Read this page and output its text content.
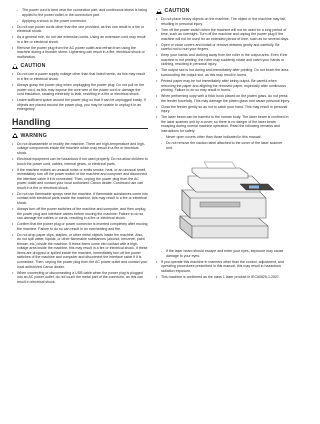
- The power cord is bent near the connection part, and continuous stress is being applied to the power outlet or the connection part.
- Applying a shock to the power connector.
• Do not use power cords other than the one provided, as this can result in a fire or electrical shock.
• As a general rule, do not use extension cords. Using an extension cord may result in a fire or electrical shock.
• Remove the power plug from the AC power outlet and refrain from using the machine during a thunder storm. Lightening can result in a fire, electrical shock or malfunction.
CAUTION
• Do not use a power supply voltage other than that listed herein, as this may result in a fire or electrical shock.
• Always grasp the power plug when unplugging the power plug. Do not pull on the power cord, as this may expose the core wire of the power cord or damage the cord insulation, causing electricity to leak, resulting in a fire or electrical shock.
• Leave sufficient space around the power plug so that it can be unplugged easily. If objects are placed around the power plug, you may be unable to unplug it in an emergency.
Handling
WARNING
• Do not disassemble or modify the machine. There are high-temperature and high-voltage components inside the machine which may result in a fire or electrical shock.
• Electrical equipment can be hazardous if not used properly. Do not allow children to touch the power cord, cables, internal gears, or electrical parts.
• If the machine makes an unusual noise or emits smoke, heat, or an unusual smell, immediately turn off the power switch of the machine and computer and disconnect the interface cable if it is connected. Then, unplug the power plug from the AC power outlet and contact your local authorized Canon dealer. Continued use can result in a fire or electrical shock.
• Do not use flammable sprays near the machine. If flammable substances come into contact with electrical parts inside the machine, this may result in a fire or electrical shock.
• Always turn off the power switches of the machine and computer, and then unplug the power plug and interface cables before moving the machine. Failure to do so can damage the cables or cords, resulting in a fire or electrical shock.
• Confirm that the power plug or power connector is inserted completely after moving the machine. Failure to do so can result in an overheating and fire.
• Do not drop paper clips, staples, or other metal objects inside the machine. Also, do not spill water, liquids, or other flammable substances (alcohol, benzene, paint thinner, etc.) inside the machine. If these items come into contact with a high-voltage area inside the machine, this may result in a fire or electrical shock. If these items are dropped or spilled inside the machine, immediately turn off the power switches of the machine and computer and disconnect the interface cable if it is connected. Then, unplug the power plug from the AC power outlet and contact your local authorized Canon dealer.
• When connecting or disconnecting a USB cable when the power plug is plugged into an AC power outlet, do not touch the metal part of the connector, as this can result in electrical shock.
CAUTION
• Do not place heavy objects on the machine. The object or the machine may fall, resulting in personal injury.
• Turn off the power switch when the machine will not be used for a long period of time, such as overnight. Turn off the machine and unplug the power plug if the machine will not be used for an extended period of time, such as for several days.
• Open or close covers and install or remove drawers gently and carefully. Be careful not to hurt your fingers.
• Keep your hands and clothing away from the roller in the output area. Even if the machine is not printing, the roller may suddenly rotate and catch your hands or clothing, resulting in personal injury.
• The output slot is hot during and immediately after printing. Do not touch the area surrounding the output slot, as this may result in burns.
• Printed paper may be hot immediately after being output. Be careful when removing the paper and aligning the removed paper, especially after continuous printing. Failure to do so may result in burns.
• When performing copy with a thick book placed on the platen glass, do not press the feeder forcefully. This may damage the platen glass and cause personal injury.
• Close the feeder gently so as not to catch your hand. This may result in personal injury.
• The laser beam can be harmful to the human body. The laser beam is confined in the laser scanner unit by a cover, so there is no danger of the laser beam escaping during normal machine operation. Read the following remarks and instructions for safety.
- Never open covers other than those indicated in this manual.
- Do not remove the caution label attached to the cover of the laser scanner unit.
- If the laser beam should escape and enter your eyes, exposure may cause damage to your eyes.
• If you operate this machine in manners other than the control, adjustment, and operating procedures prescribed in this manual, this may result in hazardous radiation exposure.
• This machine is confirmed as the class 1 laser product in IEC60825-1:2007.
